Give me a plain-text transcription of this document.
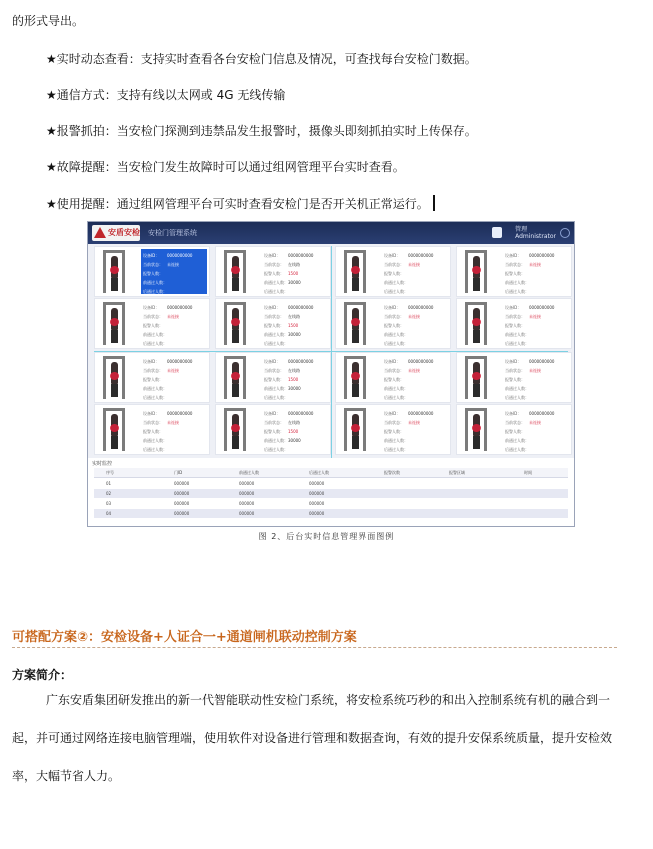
的形式导出。
★实时动态查看：支持实时查看各台安检门信息及情况，可查找每台安检门数据。
★通信方式：支持有线以太网或 4G 无线传输
★报警抓拍：当安检门探测到违禁品发生报警时，摄像头即刻抓拍实时上传保存。
★故障提醒：当安检门发生故障时可以通过组网管理平台实时查看。
★使用提醒：通过组网管理平台可实时查看安检门是否开关机正常运行。
安盾安检 安检门管理系统	管理
Administrator
设备ID： 0000000000
当前状态： 未连接
报警人数：
前通过人数：
后通过人数：
设备ID： 0000000000
当前状态： 在线路
报警人数： 1500
前通过人数：30000
后通过人数：
设备ID： 0000000000
当前状态： 未连接
报警人数：
前通过人数：
后通过人数：
设备ID： 0000000000
当前状态： 未连接
报警人数：
前通过人数：
后通过人数：
设备ID： 0000000000
当前状态： 未连接
报警人数：
前通过人数：
后通过人数：
设备ID： 0000000000
当前状态： 在线路
报警人数： 1500
前通过人数：30000
后通过人数：
设备ID： 0000000000
当前状态： 未连接
报警人数：
前通过人数：
后通过人数：
设备ID： 0000000000
当前状态： 未连接
报警人数：
前通过人数：
后通过人数：
设备ID： 0000000000
当前状态： 未连接
报警人数：
前通过人数：
后通过人数：
设备ID： 0000000000
当前状态： 在线路
报警人数： 1500
前通过人数：30000
后通过人数：
设备ID： 0000000000
当前状态： 未连接
报警人数：
前通过人数：
后通过人数：
设备ID： 0000000000
当前状态： 未连接
报警人数：
前通过人数：
后通过人数：
设备ID： 0000000000
当前状态： 未连接
报警人数：
前通过人数：
后通过人数：
设备ID： 0000000000
当前状态： 在线路
报警人数： 1500
前通过人数：30000
后通过人数：
设备ID： 0000000000
当前状态： 未连接
报警人数：
前通过人数：
后通过人数：
设备ID： 0000000000
当前状态： 未连接
报警人数：
前通过人数：
后通过人数：
实时监控
序号	门ID	前通过人数	后通过人数	报警次数	报警区域	时间
01	000000	000000	000000
02	000000	000000	000000
03	000000	000000	000000
04	000000	000000	000000
图 2、后台实时信息管理界面图例
可搭配方案②：安检设备+人证合一+通道闸机联动控制方案
方案简介：
广东安盾集团研发推出的新一代智能联动性安检门系统，将安检系统巧秒的和出入控制系统有机的融合到一
起，并可通过网络连接电脑管理端，使用软件对设备进行管理和数据查询，有效的提升安保系统质量，提升安检效
率，大幅节省人力。
